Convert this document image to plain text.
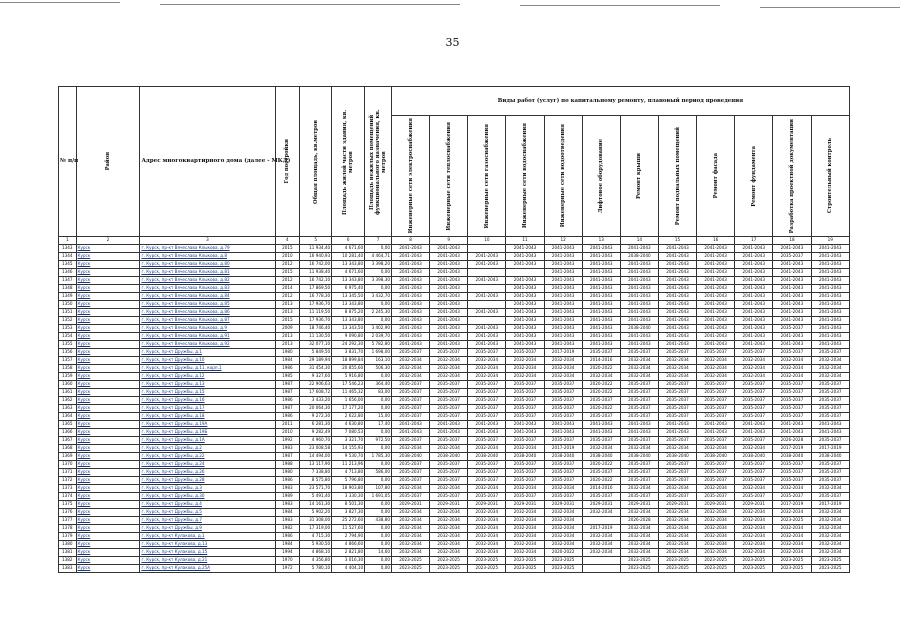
35
№ п/п	Район	Адрес многоквартирного дома (далее - МКД)	Год постройки	Общая площадь, кв.метров	Площадь жилой части здания, кв. метров	Площадь нежилых помещений функционального назначения, кв. метров	Виды работ (услуг) по капитальному ремонту, плановый период проведения											

							Инженерные сети электроснабжения	Инженерные сети теплоснабжения	Инженерные сети газоснабжения	Инженерные сети водоснабжения	Инженерные сети водоотведения	Лифтовое оборудование	Ремонт крыши	Ремонт подвальных помещений	Ремонт фасада	Ремонт фундамента	Разработка проектной документации	Строительный контроль

1	2	3	4	5	6	7	8	9	10	11	12	13	14	15	16	17	18	19
1343	Курск	г. Курск, пр-кт Вячеслава Клыкова, д.79	2015	11 934,40	4 671,60	0,00	2041-2043	2041-2043		2041-2043	2041-2043	2041-2043	2041-2043	2041-2043	2041-2043	2041-2043	2041-2043	2041-2043
1344	Курск	г. Курск, пр-кт Вячеслава Клыкова, д.8	2010	16 940,93	10 281,40	4 464,71	2041-2043	2041-2043	2041-2043	2041-2043	2041-2043	2041-2043	2038-2040	2041-2043	2041-2043	2041-2043	2035-2037	2041-2043
1345	Курск	г. Курск, пр-кт Вячеслава Клыкова, д.80	2012	16 742,00	13 343,80	3 398,20	2041-2043	2041-2043	2041-2043	2041-2043	2041-2043	2041-2043	2041-2043	2041-2043	2041-2043	2041-2043	2041-2043	2041-2043
1346	Курск	г. Курск, пр-кт Вячеслава Клыкова, д.81	2015	11 938,40	4 671,60	0,00	2041-2043	2041-2043			2041-2043	2041-2043	2041-2043	2041-2043	2041-2043	2041-2043	2041-2043	2041-2043
1347	Курск	г. Курск, пр-кт Вячеслава Клыкова, д.82	2012	16 742,10	13 343,80	3 398,30	2041-2043	2041-2043	2041-2043	2041-2043	2041-2043	2041-2043	2041-2043	2041-2043	2041-2043	2041-2043	2041-2043	2041-2043
1348	Курск	г. Курск, пр-кт Вячеслава Клыкова, д.83	2014	17 869,50	6 975,40	0,00	2041-2043	2041-2043		2041-2043	2041-2043	2041-2043	2041-2043	2041-2043	2041-2043	2041-2043	2041-2043	2041-2043
1349	Курск	г. Курск, пр-кт Вячеслава Клыкова, д.84	2012	16 778,30	13 345,50	3 432,70	2041-2043	2041-2043	2041-2043	2041-2043	2041-2043	2041-2043	2041-2043	2041-2043	2041-2043	2041-2043	2041-2043	2041-2043
1350	Курск	г. Курск, пр-кт Вячеслава Клыкова, д.85	2013	17 936,70	13 343,80	0,00	2041-2043	2041-2043		2041-2043	2041-2043	2041-2043	2041-2043	2041-2043	2041-2043	2041-2043	2041-2043	2041-2043
1351	Курск	г. Курск, пр-кт Вячеслава Клыкова, д.86	2013	11 119,50	8 875,20	2 245,30	2041-2043	2041-2043	2041-2043	2041-2043	2041-2043	2041-2043	2041-2043	2041-2043	2041-2043	2041-2043	2041-2043	2041-2043
1352	Курск	г. Курск, пр-кт Вячеслава Клыкова, д.87	2015	17 936,70	13 343,80	0,00	2041-2043	2041-2043		2041-2043	2041-2043	2041-2043	2041-2043	2041-2043	2041-2043	2041-2043	2041-2043	2041-2043
1353	Курск	г. Курск, пр-кт Вячеслава Клыкова, д.9	2009	18 746,40	13 343,50	3 402,90	2041-2043	2041-2043	2041-2043	2041-2043	2041-2043	2041-2043	2038-2040	2041-2043	2041-2043	2041-2043	2035-2037	2041-2043
1354	Курск	г. Курск, пр-кт Вячеслава Клыкова, д.91	2013	11 130,50	9 090,80	2 039,70	2041-2043	2041-2043	2041-2043	2041-2043	2041-2043	2041-2043	2041-2043	2041-2043	2041-2043	2041-2043	2041-2043	2041-2043
1355	Курск	г. Курск, пр-кт Вячеслава Клыкова, д.92	2013	32 077,10	24 292,30	5 782,80	2041-2043	2041-2043	2041-2043	2041-2043	2041-2043	2041-2043	2041-2043	2041-2043	2041-2043	2041-2043	2041-2043	2041-2043
1356	Курск	г. Курск, пр-кт Дружбы, д.1	1980	5 849,50	3 831,70	1 698,00	2035-2037	2035-2037	2035-2037	2035-2037	2017-2019	2035-2037	2035-2037	2035-2037	2035-2037	2035-2037	2035-2037	2035-2037
1357	Курск	г. Курск, пр-кт Дружбы, д.10	1984	29 189,94	18 899,84	163,10	2032-2034	2032-2034	2032-2034	2032-2034	2032-2034	2014-2016	2032-2034	2032-2034	2032-2034	2032-2034	2032-2034	2032-2034
1358	Курск	г. Курск, пр-кт Дружбы, д.11, корп.1	1986	31 454,30	20 855,60	506,30	2032-2034	2032-2034	2032-2034	2032-2034	2032-2034	2020-2022	2032-2034	2032-2034	2032-2034	2032-2034	2032-2034	2032-2034
1359	Курск	г. Курск, пр-кт Дружбы, д.12	1985	9 327,60	5 916,80	0,00	2032-2034	2032-2034	2032-2034	2032-2034	2032-2034	2032-2034	2032-2034	2032-2034	2032-2034	2032-2034	2032-2034	2032-2034
1360	Курск	г. Курск, пр-кт Дружбы, д.13	1987	22 906,63	17 546,23	364,40	2035-2037	2035-2037	2035-2037	2035-2037	2035-2037	2020-2022	2035-2037	2035-2037	2035-2037	2035-2037	2035-2037	2035-2037
1361	Курск	г. Курск, пр-кт Дружбы, д.15	1987	17 608,72	11 465,32	83,00	2035-2037	2035-2037	2035-2037	2035-2037	2035-2037	2020-2022	2035-2037	2035-2037	2035-2037	2035-2037	2035-2037	2035-2037
1362	Курск	г. Курск, пр-кт Дружбы, д.16	1986	3 433,20	1 656,00	0,00	2035-2037	2035-2037	2035-2037	2035-2037	2035-2037	2035-2037	2035-2037	2035-2037	2035-2037	2035-2037	2035-2037	2035-2037
1363	Курск	г. Курск, пр-кт Дружбы, д.17	1987	20 064,30	17 177,20	0,00	2035-2037	2035-2037	2035-2037	2035-2037	2035-2037	2020-2022	2035-2037	2035-2037	2035-2037	2035-2037	2035-2037	2035-2037
1364	Курск	г. Курск, пр-кт Дружбы, д.18	1986	9 272,30	2 622,80	15,00	2035-2037	2035-2037	2035-2037	2035-2037	2035-2037	2035-2037	2035-2037	2035-2037	2035-2037	2035-2037	2035-2037	2035-2037
1365	Курск	г. Курск, пр-кт Дружбы, д.19А	2011	6 281,30	4 630,80	17,40	2041-2043	2041-2043	2041-2043	2041-2043	2041-2043	2041-2043	2041-2043	2041-2043	2041-2043	2041-2043	2041-2043	2041-2043
1366	Курск	г. Курск, пр-кт Дружбы, д.19Б	2010	9 282,49	7 080,53	0,00	2041-2043	2041-2043	2041-2043	2041-2043	2041-2043	2041-2043	2041-2043	2041-2043	2041-2043	2041-2043	2041-2043	2041-2043
1367	Курск	г. Курск, пр-кт Дружбы, д.1А	1992	4 960,70	3 321,70	972,50	2035-2037	2035-2037	2035-2037	2035-2037	2035-2037	2035-2037	2035-2037	2035-2037	2035-2037	2035-2037	2026-2028	2035-2037
1368	Курск	г. Курск, пр-кт Дружбы, д.2	1983	23 008,58	14 155,93	0,00	2032-2034	2032-2034	2032-2034	2032-2034	2017-2019	2032-2034	2032-2034	2032-2034	2032-2034	2032-2034	2017-2019	2017-2019
1369	Курск	г. Курск, пр-кт Дружбы, д.22	1987	14 494,00	9 530,70	1 785,30	2038-2040	2038-2040	2038-2040	2038-2040	2038-2040	2038-2040	2038-2040	2038-2040	2038-2040	2038-2040	2038-2040	2038-2040
1370	Курск	г. Курск, пр-кт Дружбы, д.24	1988	13 117,90	11 213,96	0,00	2035-2037	2035-2037	2035-2037	2035-2037	2035-2037	2020-2022	2035-2037	2035-2037	2035-2037	2035-2037	2035-2037	2035-2037
1371	Курск	г. Курск, пр-кт Дружбы, д.26	1980	7 338,80	4 713,80	586,00	2035-2037	2035-2037	2035-2037	2035-2037	2035-2037	2035-2037	2035-2037	2035-2037	2035-2037	2035-2037	2035-2037	2035-2037
1372	Курск	г. Курск, пр-кт Дружбы, д.28	1986	8 575,80	5 796,80	0,00	2035-2037	2035-2037	2035-2037	2035-2037	2035-2037	2020-2022	2035-2037	2035-2037	2035-2037	2035-2037	2035-2037	2035-2037
1373	Курск	г. Курск, пр-кт Дружбы, д.3	1983	23 571,70	18 903,80	107,80	2032-2034	2032-2034	2032-2034	2032-2034	2032-2034	2014-2016	2032-2034	2032-2034	2032-2034	2032-2034	2032-2034	2032-2034
1374	Курск	г. Курск, пр-кт Дружбы, д.30	1989	5 491,40	3 330,30	1 691,05	2035-2037	2035-2037	2035-2037	2035-2037	2035-2037	2035-2037	2035-2037	2035-2037	2035-2037	2035-2037	2035-2037	2035-2037
1375	Курск	г. Курск, пр-кт Дружбы, д.4	1983	14 161,30	8 501,30	0,00	2029-2031	2029-2031	2029-2031	2029-2031	2029-2031	2029-2031	2029-2031	2029-2031	2029-2031	2029-2031	2017-2019	2017-2019
1376	Курск	г. Курск, пр-кт Дружбы, д.5	1984	5 902,20	3 827,30	0,00	2032-2034	2032-2034	2032-2034	2032-2034	2032-2034	2032-2034	2032-2034	2032-2034	2032-2034	2032-2034	2032-2034	2032-2034
1377	Курск	г. Курск, пр-кт Дружбы, д.7	1983	31 308,00	25 272,60	438,80	2032-2034	2032-2034	2032-2034	2032-2034	2032-2034		2026-2028	2032-2034	2032-2034	2032-2034	2023-2025	2032-2034
1378	Курск	г. Курск, пр-кт Дружбы, д.9	1982	17 319,00	11 527,60	0,00	2032-2034	2032-2034	2032-2034	2032-2034	2032-2034	2017-2019	2032-2034	2032-2034	2032-2034	2032-2034	2032-2034	2032-2034
1379	Курск	г. Курск, пр-кт Кулакова, д.1	1986	4 715,30	2 794,90	0,00	2032-2034	2032-2034	2032-2034	2032-2034	2032-2034	2032-2034	2032-2034	2032-2034	2032-2034	2032-2034	2032-2034	2032-2034
1380	Курск	г. Курск, пр-кт Кулакова, д.13	1984	5 930,50	4 866,60	0,00	2032-2034	2032-2034	2032-2034	2032-2034	2032-2034	2032-2034	2032-2034	2032-2034	2032-2034	2032-2034	2032-2034	2032-2034
1381	Курск	г. Курск, пр-кт Кулакова, д.15	1994	4 868,10	2 821,80	14,60	2032-2034	2032-2034	2032-2034	2032-2034	2020-2022	2032-2034	2032-2034	2032-2034	2032-2034	2032-2034	2032-2034	2032-2034
1382	Курск	г. Курск, пр-кт Кулакова, д.21	1970	4 356,80	3 016,30	0,00	2023-2025	2023-2025	2023-2025	2023-2025	2023-2025		2023-2025	2023-2025	2023-2025	2023-2025	2023-2025	2023-2025
1383	Курск	г. Курск, пр-кт Кулакова, д.25А	1972	5 780,10	4 404,10	0,00	2023-2025	2023-2025	2023-2025	2023-2025	2023-2025		2023-2025	2023-2025	2023-2025	2023-2025	2023-2025	2023-2025
